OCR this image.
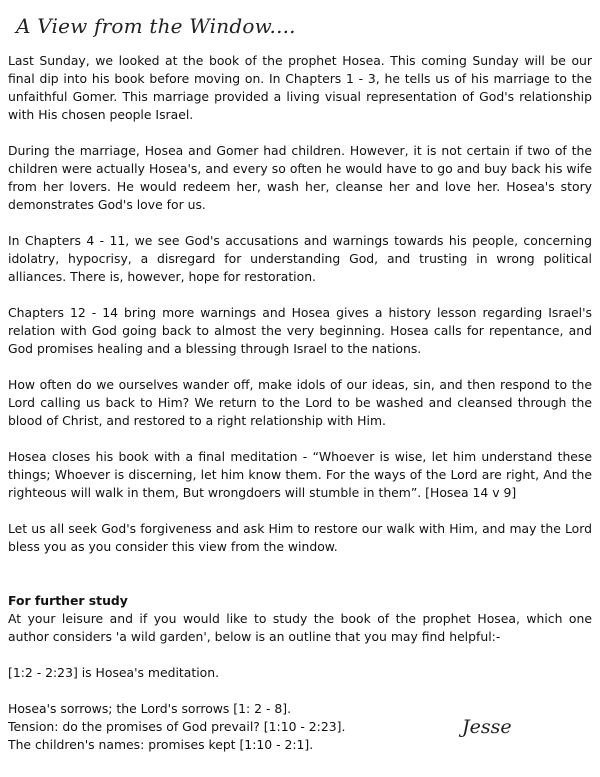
A View from the Window....

Last Sunday, we looked at the book of the prophet Hosea. This coming Sunday will be our final dip into his book before moving on. In Chapters 1 - 3, he tells us of his marriage to the unfaithful Gomer. This marriage provided a living visual representation of God's relationship with His chosen people Israel.

During the marriage, Hosea and Gomer had children. However, it is not certain if two of the children were actually Hosea's, and every so often he would have to go and buy back his wife from her lovers. He would redeem her, wash her, cleanse her and love her. Hosea's story demonstrates God's love for us.

In Chapters 4 - 11, we see God's accusations and warnings towards his people, concerning idolatry, hypocrisy, a disregard for understanding God, and trusting in wrong political alliances. There is, however, hope for restoration.

Chapters 12 - 14 bring more warnings and Hosea gives a history lesson regarding Israel's relation with God going back to almost the very beginning. Hosea calls for repentance, and God promises healing and a blessing through Israel to the nations.

How often do we ourselves wander off, make idols of our ideas, sin, and then respond to the Lord calling us back to Him? We return to the Lord to be washed and cleansed through the blood of Christ, and restored to a right relationship with Him.

Hosea closes his book with a final meditation - “Whoever is wise, let him understand these things; Whoever is discerning, let him know them. For the ways of the Lord are right, And the righteous will walk in them, But wrongdoers will stumble in them”. [Hosea 14 v 9]

Let us all seek God's forgiveness and ask Him to restore our walk with Him, and may the Lord bless you as you consider this view from the window.

For further study

At your leisure and if you would like to study the book of the prophet Hosea, which one author considers 'a wild garden', below is an outline that you may find helpful:-

[1:2 - 2:23] is Hosea's meditation.

Hosea's sorrows; the Lord's sorrows [1: 2 - 8].

Tension: do the promises of God prevail? [1:10 - 2:23].

The children's names: promises kept [1:10 - 2:1].

Jesse
